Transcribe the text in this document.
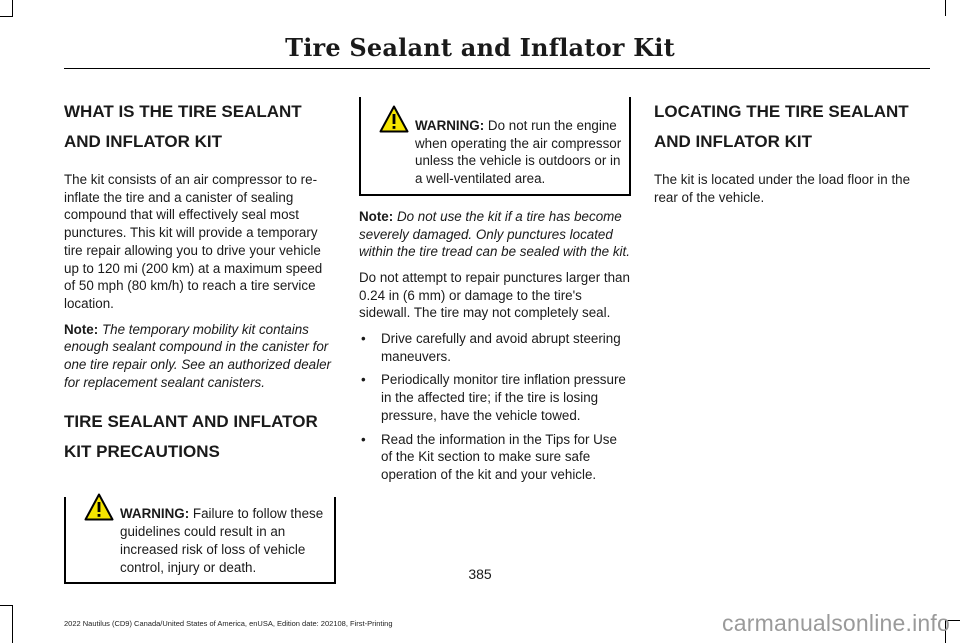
Tire Sealant and Inflator Kit
WHAT IS THE TIRE SEALANT AND INFLATOR KIT

The kit consists of an air compressor to re-inflate the tire and a canister of sealing compound that will effectively seal most punctures. This kit will provide a temporary tire repair allowing you to drive your vehicle up to 120 mi (200 km) at a maximum speed of 50 mph (80 km/h) to reach a tire service location.

Note: The temporary mobility kit contains enough sealant compound in the canister for one tire repair only. See an authorized dealer for replacement sealant canisters.

TIRE SEALANT AND INFLATOR KIT PRECAUTIONS

WARNING: Failure to follow these guidelines could result in an increased risk of loss of vehicle control, injury or death.

WARNING: Do not run the engine when operating the air compressor unless the vehicle is outdoors or in a well-ventilated area.

Note: Do not use the kit if a tire has become severely damaged. Only punctures located within the tire tread can be sealed with the kit.

Do not attempt to repair punctures larger than 0.24 in (6 mm) or damage to the tire's sidewall. The tire may not completely seal.

• Drive carefully and avoid abrupt steering maneuvers.
• Periodically monitor tire inflation pressure in the affected tire; if the tire is losing pressure, have the vehicle towed.
• Read the information in the Tips for Use of the Kit section to make sure safe operation of the kit and your vehicle.
LOCATING THE TIRE SEALANT AND INFLATOR KIT

The kit is located under the load floor in the rear of the vehicle.

385
2022 Nautilus (CD9) Canada/United States of America, enUSA, Edition date: 202108, First-Printing	carmanualsonline.info
